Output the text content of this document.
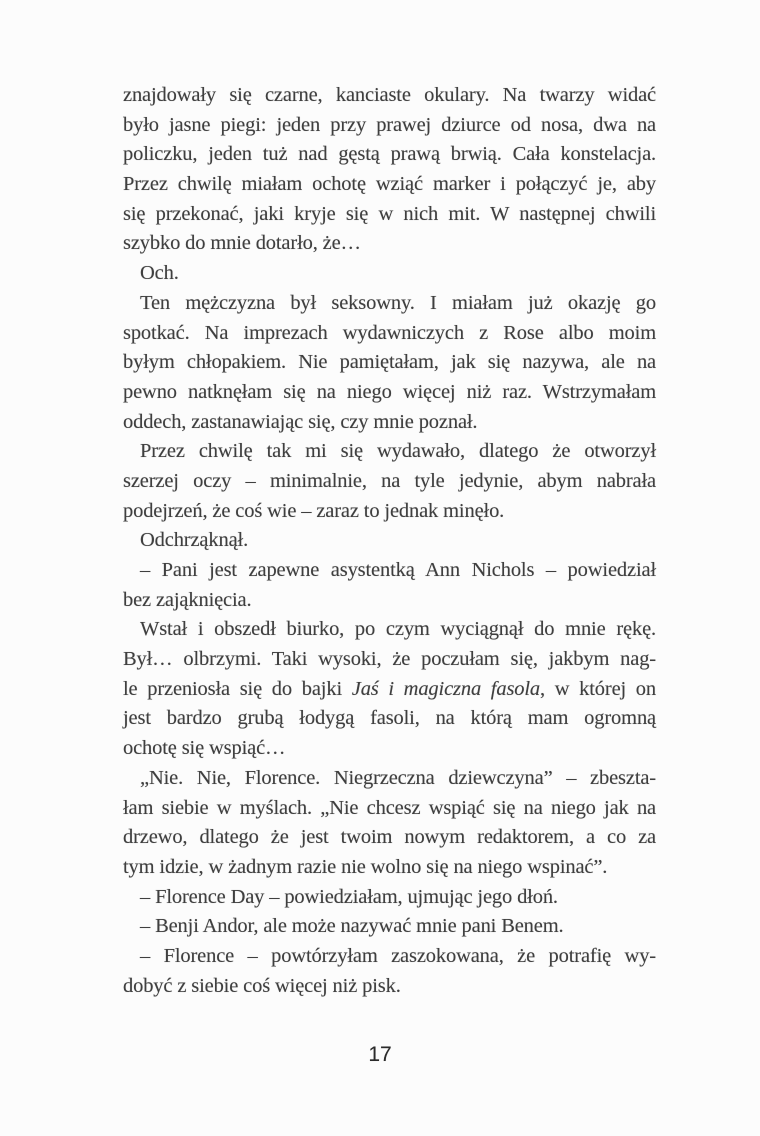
znajdowały się czarne, kanciaste okulary. Na twarzy widać
było jasne piegi: jeden przy prawej dziurce od nosa, dwa na
policzku, jeden tuż nad gęstą prawą brwią. Cała konstelacja.
Przez chwilę miałam ochotę wziąć marker i połączyć je, aby
się przekonać, jaki kryje się w nich mit. W następnej chwili
szybko do mnie dotarło, że…
Och.
Ten mężczyzna był seksowny. I miałam już okazję go
spotkać. Na imprezach wydawniczych z Rose albo moim
byłym chłopakiem. Nie pamiętałam, jak się nazywa, ale na
pewno natknęłam się na niego więcej niż raz. Wstrzymałam
oddech, zastanawiając się, czy mnie poznał.
Przez chwilę tak mi się wydawało, dlatego że otworzył
szerzej oczy – minimalnie, na tyle jedynie, abym nabrała
podejrzeń, że coś wie – zaraz to jednak minęło.
Odchrząknął.
– Pani jest zapewne asystentką Ann Nichols – powiedział
bez zająknięcia.
Wstał i obszedł biurko, po czym wyciągnął do mnie rękę.
Był… olbrzymi. Taki wysoki, że poczułam się, jakbym nag-
le przeniosła się do bajki Jaś i magiczna fasola, w której on
jest bardzo grubą łodygą fasoli, na którą mam ogromną
ochotę się wspiąć…
„Nie. Nie, Florence. Niegrzeczna dziewczyna” – zbeszta-
łam siebie w myślach. „Nie chcesz wspiąć się na niego jak na
drzewo, dlatego że jest twoim nowym redaktorem, a co za
tym idzie, w żadnym razie nie wolno się na niego wspinać”.
– Florence Day – powiedziałam, ujmując jego dłoń.
– Benji Andor, ale może nazywać mnie pani Benem.
– Florence – powtórzyłam zaszokowana, że potrafię wy-
dobyć z siebie coś więcej niż pisk.
17
